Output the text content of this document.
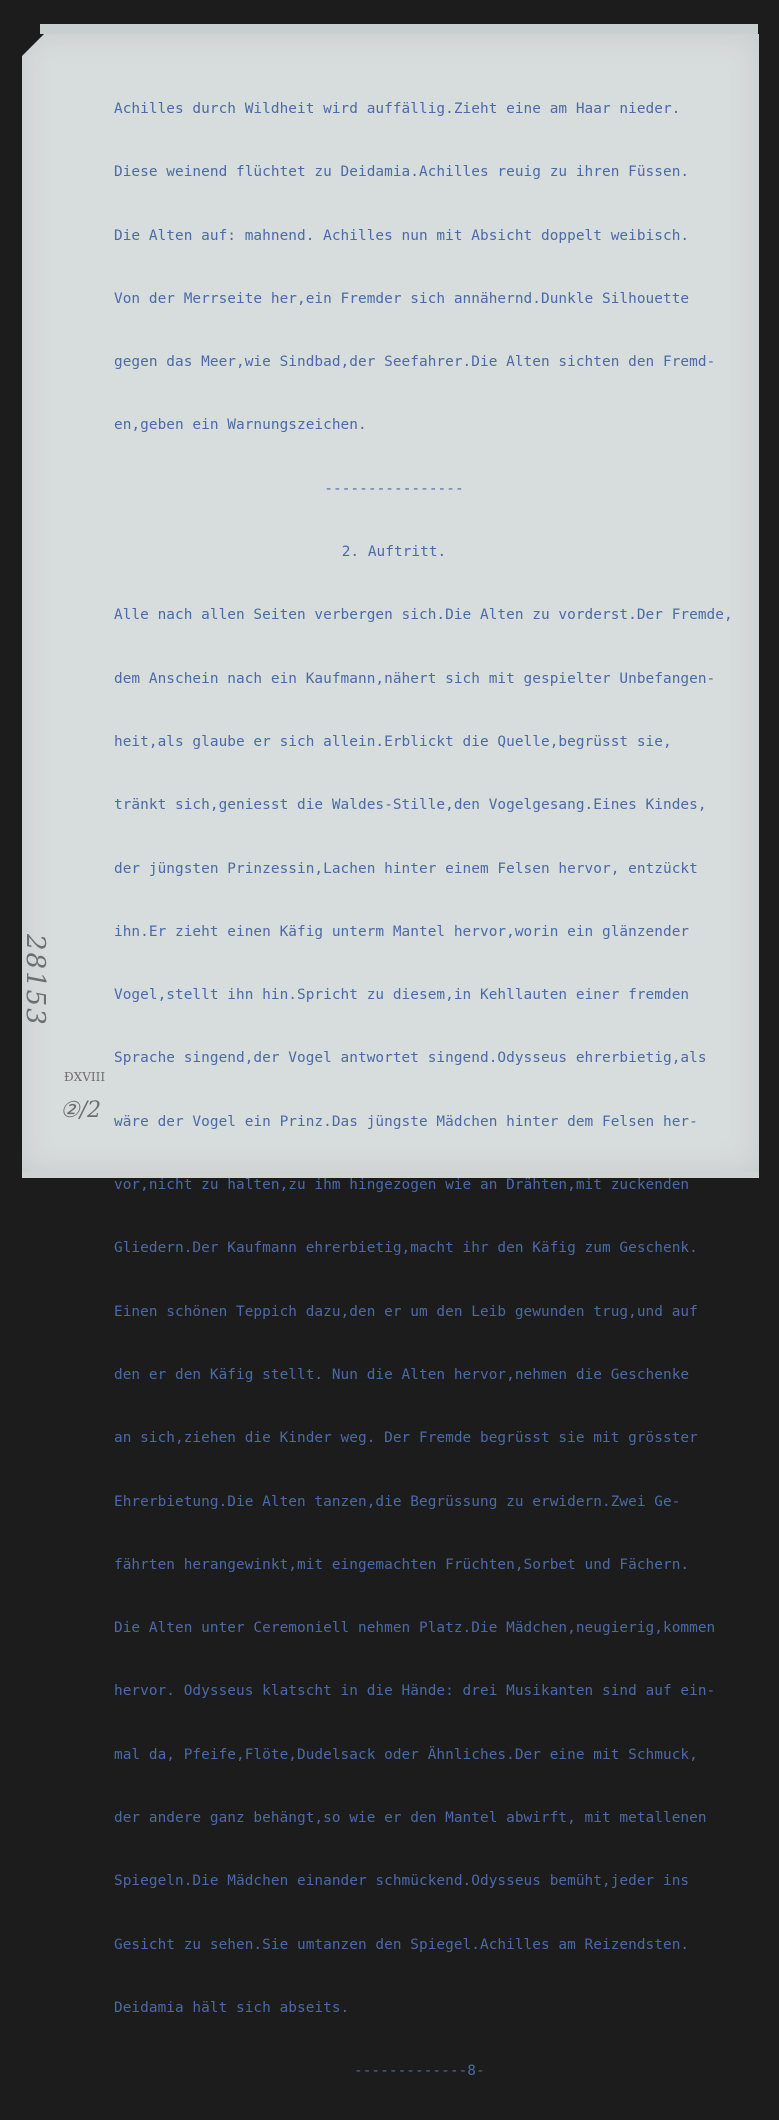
Achilles durch Wildheit wird auffällig.Zieht eine am Haar nieder.

Diese weinend flüchtet zu Deidamia.Achilles reuig zu ihren Füssen.

Die Alten auf: mahnend. Achilles nun mit Absicht doppelt weibisch.

Von der Merrseite her,ein Fremder sich annähernd.Dunkle Silhouette

gegen das Meer,wie Sindbad,der Seefahrer.Die Alten sichten den Fremd-

en,geben ein Warnungszeichen.

----------------

2. Auftritt.

Alle nach allen Seiten verbergen sich.Die Alten zu vorderst.Der Fremde,

dem Anschein nach ein Kaufmann,nähert sich mit gespielter Unbefangen-

heit,als glaube er sich allein.Erblickt die Quelle,begrüsst sie,

tränkt sich,geniesst die Waldes-Stille,den Vogelgesang.Eines Kindes,

der jüngsten Prinzessin,Lachen hinter einem Felsen hervor, entzückt

ihn.Er zieht einen Käfig unterm Mantel hervor,worin ein glänzender

Vogel,stellt ihn hin.Spricht zu diesem,in Kehllauten einer fremden

Sprache singend,der Vogel antwortet singend.Odysseus ehrerbietig,als

wäre der Vogel ein Prinz.Das jüngste Mädchen hinter dem Felsen her-

vor,nicht zu halten,zu ihm hingezogen wie an Drähten,mit zuckenden

Gliedern.Der Kaufmann ehrerbietig,macht ihr den Käfig zum Geschenk.

Einen schönen Teppich dazu,den er um den Leib gewunden trug,und auf

den er den Käfig stellt. Nun die Alten hervor,nehmen die Geschenke

an sich,ziehen die Kinder weg. Der Fremde begrüsst sie mit grösster

Ehrerbietung.Die Alten tanzen,die Begrüssung zu erwidern.Zwei Ge-

fährten herangewinkt,mit eingemachten Früchten,Sorbet und Fächern.

Die Alten unter Ceremoniell nehmen Platz.Die Mädchen,neugierig,kommen

hervor. Odysseus klatscht in die Hände: drei Musikanten sind auf ein-

mal da, Pfeife,Flöte,Dudelsack oder Ähnliches.Der eine mit Schmuck,

der andere ganz behängt,so wie er den Mantel abwirft, mit metallenen

Spiegeln.Die Mädchen einander schmückend.Odysseus bemüht,jeder ins

Gesicht zu sehen.Sie umtanzen den Spiegel.Achilles am Reizendsten.

Deidamia hält sich abseits.

-------------8-

28153
ÐXVIII
②/2
